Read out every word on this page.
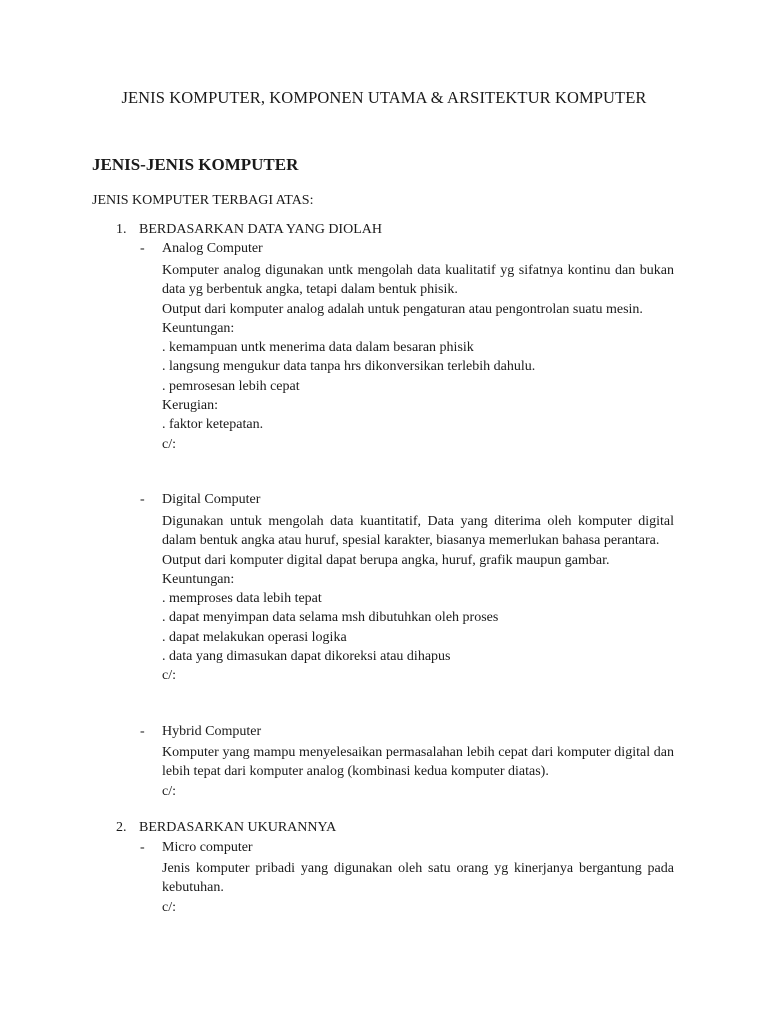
JENIS KOMPUTER, KOMPONEN UTAMA & ARSITEKTUR KOMPUTER
JENIS-JENIS KOMPUTER
JENIS KOMPUTER TERBAGI ATAS:
1. BERDASARKAN DATA YANG DIOLAH
- Analog Computer

Komputer analog digunakan untk mengolah data kualitatif yg sifatnya kontinu dan bukan data yg berbentuk angka, tetapi dalam bentuk phisik.

Output dari komputer analog adalah untuk pengaturan atau pengontrolan suatu mesin.

Keuntungan:

. kemampuan untk menerima data dalam besaran phisik

. langsung mengukur data tanpa hrs dikonversikan terlebih dahulu.

. pemrosesan lebih cepat

Kerugian:

. faktor ketepatan.

c/:

- Digital Computer

Digunakan untuk mengolah data kuantitatif, Data yang diterima oleh komputer digital dalam bentuk angka atau huruf, spesial karakter, biasanya memerlukan bahasa perantara.

Output dari komputer digital dapat berupa angka, huruf, grafik maupun gambar.

Keuntungan:

. memproses data lebih tepat

. dapat menyimpan data selama msh dibutuhkan oleh proses

. dapat melakukan operasi logika

. data yang dimasukan dapat dikoreksi atau dihapus

c/:

- Hybrid Computer

Komputer yang mampu menyelesaikan permasalahan lebih cepat dari komputer digital dan lebih tepat dari komputer analog (kombinasi kedua komputer diatas).

c/:

2. BERDASARKAN UKURANNYA
- Micro computer

Jenis komputer pribadi yang digunakan oleh satu orang yg kinerjanya bergantung pada kebutuhan.

c/:
